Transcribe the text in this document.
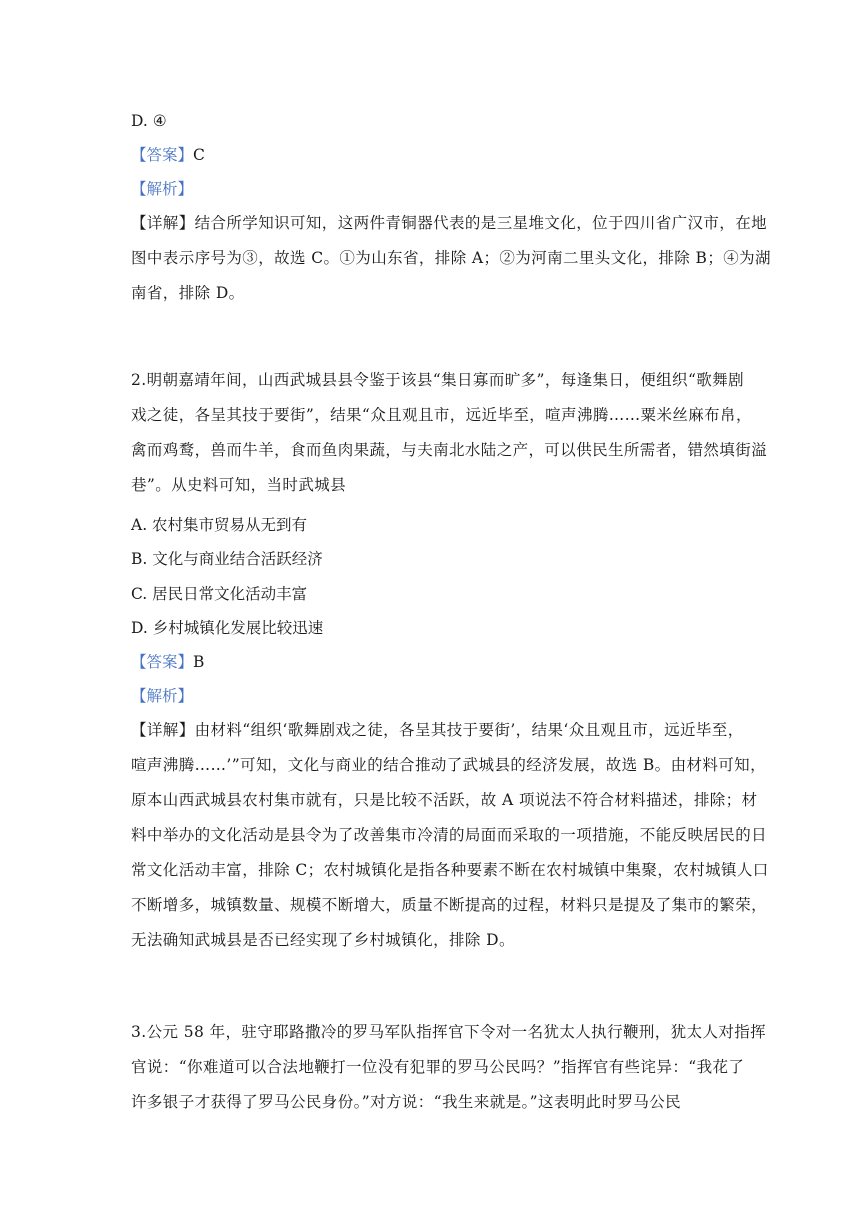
D. ④
【答案】C
【解析】
【详解】结合所学知识可知，这两件青铜器代表的是三星堆文化，位于四川省广汉市，在地
图中表示序号为③，故选 C。①为山东省，排除 A；②为河南二里头文化，排除 B；④为湖
南省，排除 D。
2.明朝嘉靖年间，山西武城县县令鉴于该县“集日寡而旷多”，每逢集日，便组织“歌舞剧
戏之徒，各呈其技于要街”，结果“众且观且市，远近毕至，喧声沸腾……粟米丝麻布帛，
禽而鸡鹜，兽而牛羊，食而鱼肉果蔬，与夫南北水陆之产，可以供民生所需者，错然填街溢
巷”。从史料可知，当时武城县
A. 农村集市贸易从无到有
B. 文化与商业结合活跃经济
C. 居民日常文化活动丰富
D. 乡村城镇化发展比较迅速
【答案】B
【解析】
【详解】由材料“组织‘歌舞剧戏之徒，各呈其技于要街’，结果‘众且观且市，远近毕至，
喧声沸腾……’”可知，文化与商业的结合推动了武城县的经济发展，故选 B。由材料可知，
原本山西武城县农村集市就有，只是比较不活跃，故 A 项说法不符合材料描述，排除；材
料中举办的文化活动是县令为了改善集市冷清的局面而采取的一项措施，不能反映居民的日
常文化活动丰富，排除 C；农村城镇化是指各种要素不断在农村城镇中集聚，农村城镇人口
不断增多，城镇数量、规模不断增大，质量不断提高的过程，材料只是提及了集市的繁荣，
无法确知武城县是否已经实现了乡村城镇化，排除 D。
3.公元 58 年，驻守耶路撒冷的罗马军队指挥官下令对一名犹太人执行鞭刑，犹太人对指挥
官说：“你难道可以合法地鞭打一位没有犯罪的罗马公民吗？”指挥官有些诧异：“我花了
许多银子才获得了罗马公民身份。”对方说：“我生来就是。”这表明此时罗马公民
